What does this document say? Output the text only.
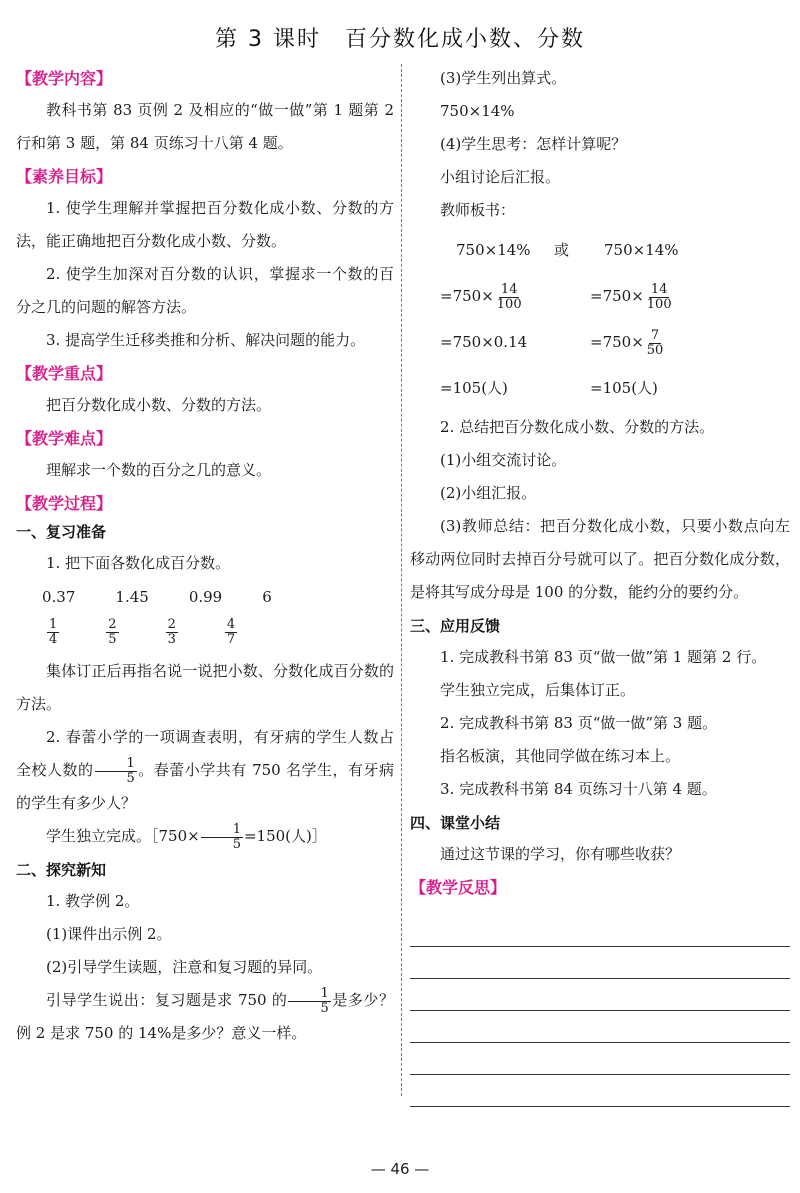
第 3 课时　百分数化成小数、分数
【教学内容】

教科书第 83 页例 2 及相应的“做一做”第 1 题第 2 行和第 3 题，第 84 页练习十八第 4 题。

【素养目标】

1. 使学生理解并掌握把百分数化成小数、分数的方法，能正确地把百分数化成小数、分数。

2. 使学生加深对百分数的认识，掌握求一个数的百分之几的问题的解答方法。

3. 提高学生迁移类推和分析、解决问题的能力。

【教学重点】

把百分数化成小数、分数的方法。

【教学难点】

理解求一个数的百分之几的意义。

【教学过程】
一、复习准备

1. 把下面各数化成百分数。

0.37	1.45	0.99	6
$\frac{1}{4}$	$\frac{2}{5}$	$\frac{2}{3}$	$\frac{4}{7}$

集体订正后再指名说一说把小数、分数化成百分数的方法。

2. 春蕾小学的一项调查表明，有牙病的学生人数占全校人数的 $\frac{1}{5}$ 。春蕾小学共有 750 名学生，有牙病的学生有多少人？

学生独立完成。［750× $\frac{1}{5} =150$(人)］

二、探究新知

1. 教学例 2。

(1)课件出示例 2。

(2)引导学生读题，注意和复习题的异同。

引导学生说出：复习题是求 750 的 $\frac{1}{5}$ 是多少？例 2 是求 750 的 14%是多少？意义一样。

(3)学生列出算式。

750×14%

(4)学生思考：怎样计算呢？

小组讨论后汇报。

教师板书：

750×14%	或	750×14%
$=750\times \frac{14}{100}$	$=750\times \frac{14}{100}$
=750×0.14	$=750\times \frac{7}{50}$
=105(人)	=105(人)

2. 总结把百分数化成小数、分数的方法。

(1)小组交流讨论。

(2)小组汇报。

(3)教师总结：把百分数化成小数，只要小数点向左移动两位同时去掉百分号就可以了。把百分数化成分数，是将其写成分母是 100 的分数，能约分的要约分。

三、应用反馈

1. 完成教科书第 83 页“做一做”第 1 题第 2 行。

学生独立完成，后集体订正。

2. 完成教科书第 83 页“做一做”第 3 题。

指名板演，其他同学做在练习本上。

3. 完成教科书第 84 页练习十八第 4 题。

四、课堂小结

通过这节课的学习，你有哪些收获？

【教学反思】
— 46 —
